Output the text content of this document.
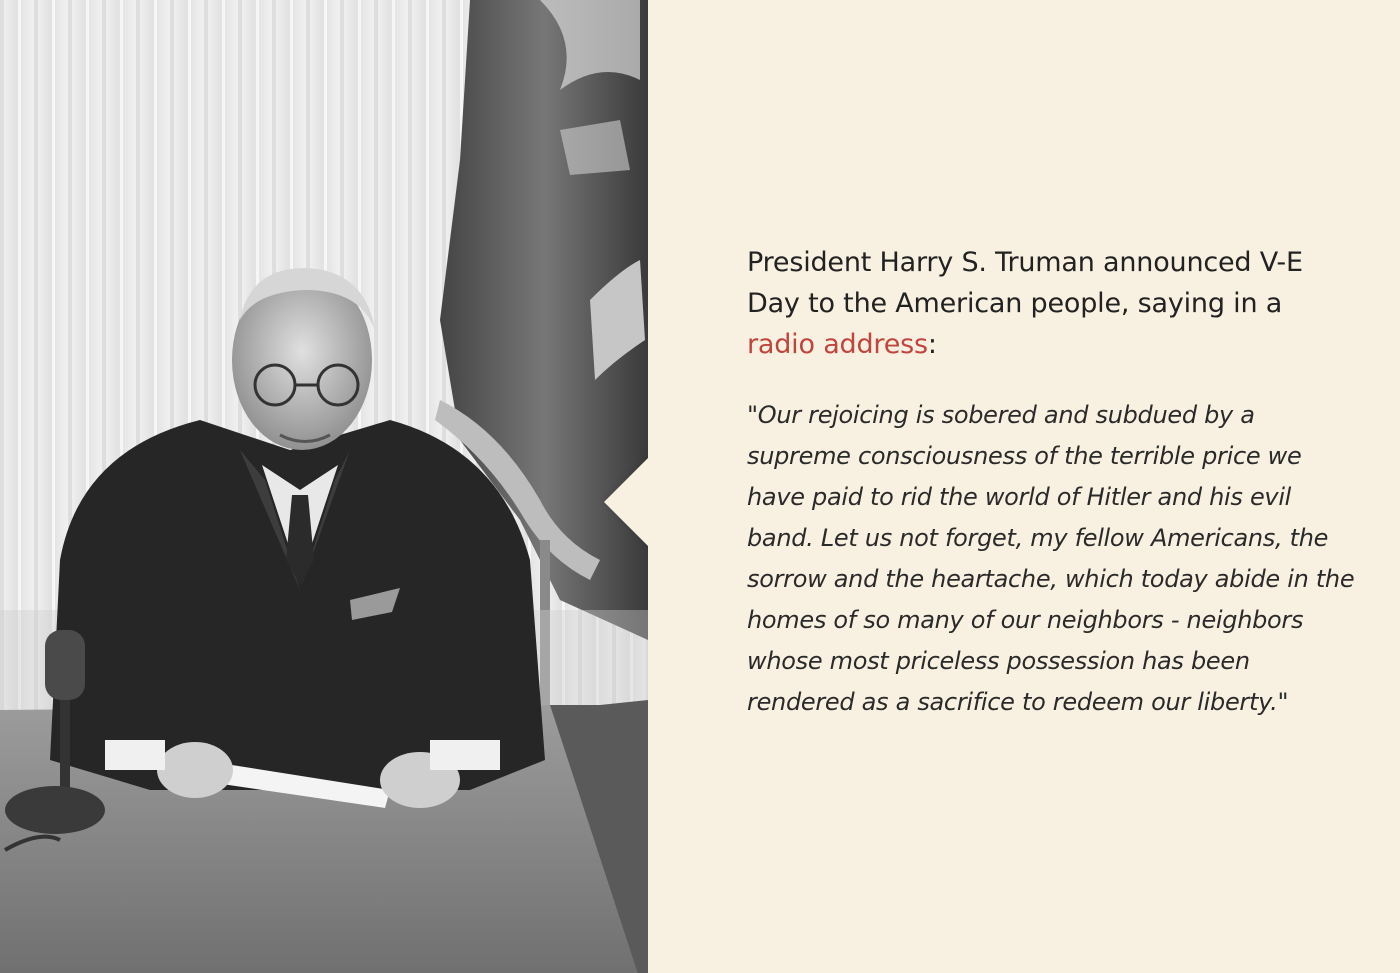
President Harry S. Truman announced V-E Day to the American people, saying in a radio address:

"Our rejoicing is sobered and subdued by a supreme consciousness of the terrible price we have paid to rid the world of Hitler and his evil band. Let us not forget, my fellow Americans, the sorrow and the heartache, which today abide in the homes of so many of our neighbors - neighbors whose most priceless possession has been rendered as a sacrifice to redeem our liberty."
